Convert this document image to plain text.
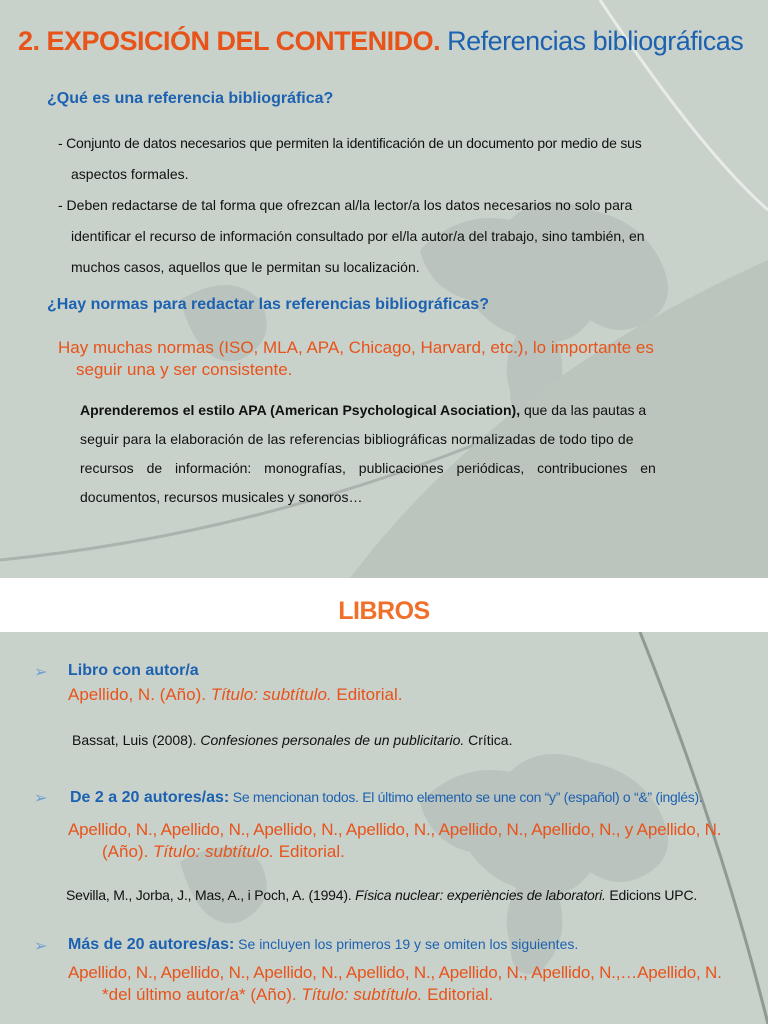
2. EXPOSICIÓN DEL CONTENIDO. Referencias bibliográficas
¿Qué es una referencia bibliográfica?
- Conjunto de datos necesarios que permiten la identificación de un documento por medio de sus
aspectos formales.
- Deben redactarse de tal forma que ofrezcan al/la lector/a los datos necesarios no solo para
identificar el recurso de información consultado por el/la autor/a del trabajo, sino también, en
muchos casos, aquellos que le permitan su localización.
¿Hay normas para redactar las referencias bibliográficas?
Hay muchas normas (ISO, MLA, APA, Chicago, Harvard, etc.), lo importante es
seguir una y ser consistente.
Aprenderemos el estilo APA (American Psychological Asociation), que da las pautas a
seguir para la elaboración de las referencias bibliográficas normalizadas de todo tipo de
recursos de información: monografías, publicaciones periódicas, contribuciones en
documentos, recursos musicales y sonoros…
LIBROS
➢ Libro con autor/a
Apellido, N. (Año). Título: subtítulo. Editorial.
Bassat, Luis (2008). Confesiones personales de un publicitario. Crítica.
➢ De 2 a 20 autores/as: Se mencionan todos. El último elemento se une con “y” (español) o “&” (inglés).
Apellido, N., Apellido, N., Apellido, N., Apellido, N., Apellido, N., Apellido, N., y Apellido, N.
(Año). Título: subtítulo. Editorial.
Sevilla, M., Jorba, J., Mas, A., i Poch, A. (1994). Física nuclear: experiències de laboratori. Edicions UPC.
➢ Más de 20 autores/as: Se incluyen los primeros 19 y se omiten los siguientes.
Apellido, N., Apellido, N., Apellido, N., Apellido, N., Apellido, N., Apellido, N.,…Apellido, N.
*del último autor/a* (Año). Título: subtítulo. Editorial.
